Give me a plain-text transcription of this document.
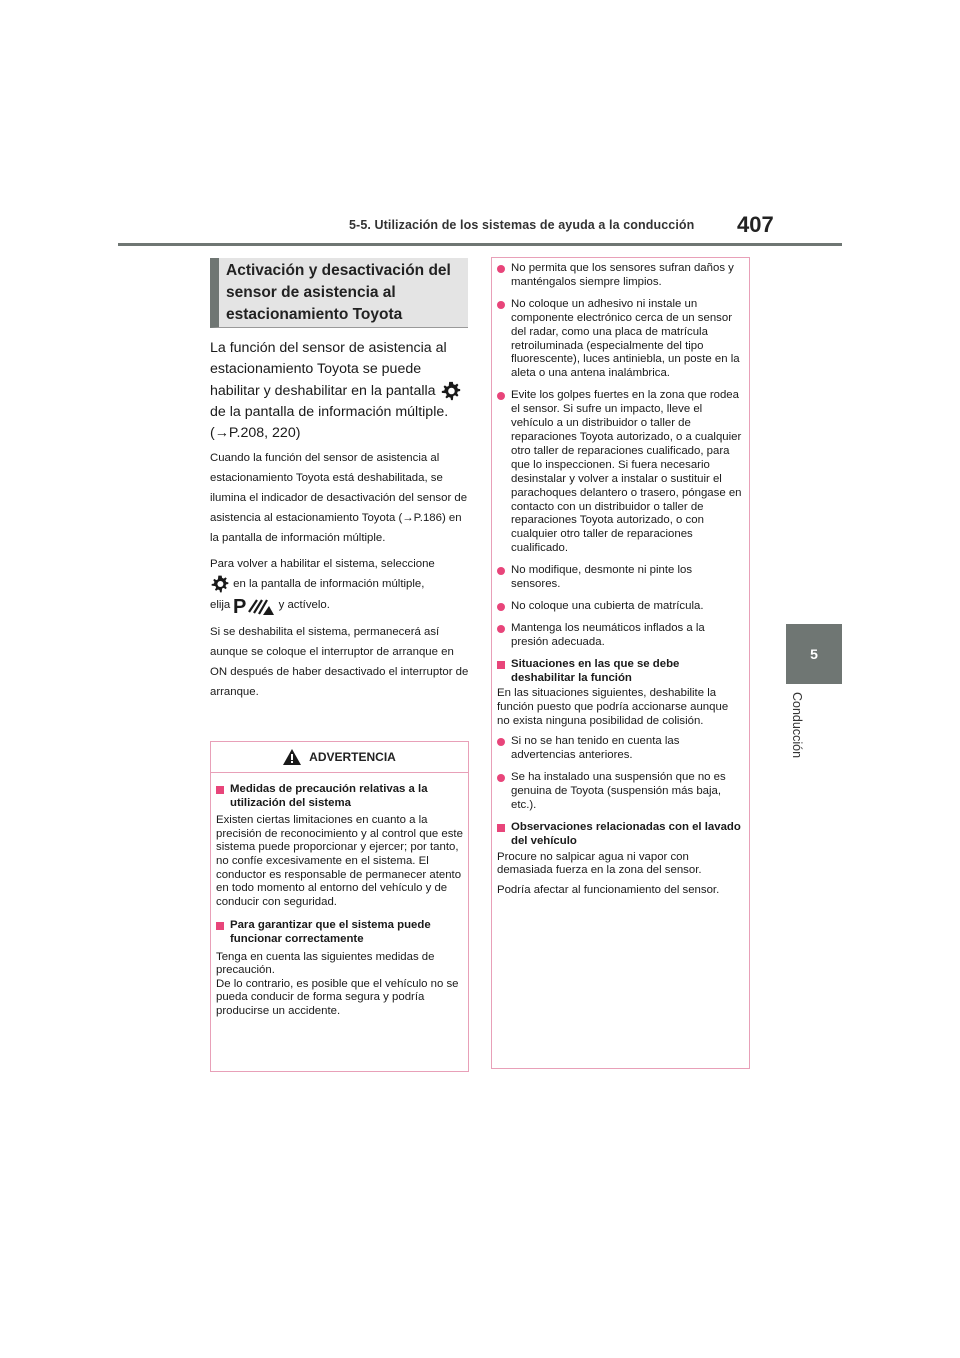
5-5. Utilización de los sistemas de ayuda a la conducción 407
5
Conducción
Activación y desactivación del sensor de asistencia al estacionamiento Toyota

La función del sensor de asistencia al estacionamiento Toyota se puede habilitar y deshabilitar en la pantalla  de la pantalla de información múltiple. (→P.208, 220)

Cuando la función del sensor de asistencia al estacionamiento Toyota está deshabilitada, se ilumina el indicador de desactivación del sensor de asistencia al estacionamiento Toyota (→P.186) en la pantalla de información múltiple.

Para volver a habilitar el sistema, seleccione
en la pantalla de información múltiple,
elija P	y actívelo.

Si se deshabilita el sistema, permanecerá así aunque se coloque el interruptor de arranque en ON después de haber desactivado el interruptor de arranque.

ADVERTENCIA
Medidas de precaución relativas a la utilización del sistema

Existen ciertas limitaciones en cuanto a la precisión de reconocimiento y al control que este sistema puede proporcionar y ejercer; por tanto, no confíe excesivamente en el sistema. El conductor es responsable de permanecer atento en todo momento al entorno del vehículo y de conducir con seguridad.

Para garantizar que el sistema puede funcionar correctamente

Tenga en cuenta las siguientes medidas de precaución.

De lo contrario, es posible que el vehículo no se pueda conducir de forma segura y podría producirse un accidente.

No permita que los sensores sufran daños y manténgalos siempre limpios.
No coloque un adhesivo ni instale un componente electrónico cerca de un sensor del radar, como una placa de matrícula retroiluminada (especialmente del tipo fluorescente), luces antiniebla, un poste en la aleta o una antena inalámbrica.
Evite los golpes fuertes en la zona que rodea el sensor. Si sufre un impacto, lleve el vehículo a un distribuidor o taller de reparaciones Toyota autorizado, o a cualquier otro taller de reparaciones cualificado, para que lo inspeccionen. Si fuera necesario desinstalar y volver a instalar o sustituir el parachoques delantero o trasero, póngase en contacto con un distribuidor o taller de reparaciones Toyota autorizado, o con cualquier otro taller de reparaciones cualificado.
No modifique, desmonte ni pinte los sensores.
No coloque una cubierta de matrícula.
Mantenga los neumáticos inflados a la presión adecuada.
Situaciones en las que se debe deshabilitar la función

En las situaciones siguientes, deshabilite la función puesto que podría accionarse aunque no exista ninguna posibilidad de colisión.

Si no se han tenido en cuenta las advertencias anteriores.
Se ha instalado una suspensión que no es genuina de Toyota (suspensión más baja, etc.).
Observaciones relacionadas con el lavado del vehículo

Procure no salpicar agua ni vapor con demasiada fuerza en la zona del sensor.

Podría afectar al funcionamiento del sensor.
